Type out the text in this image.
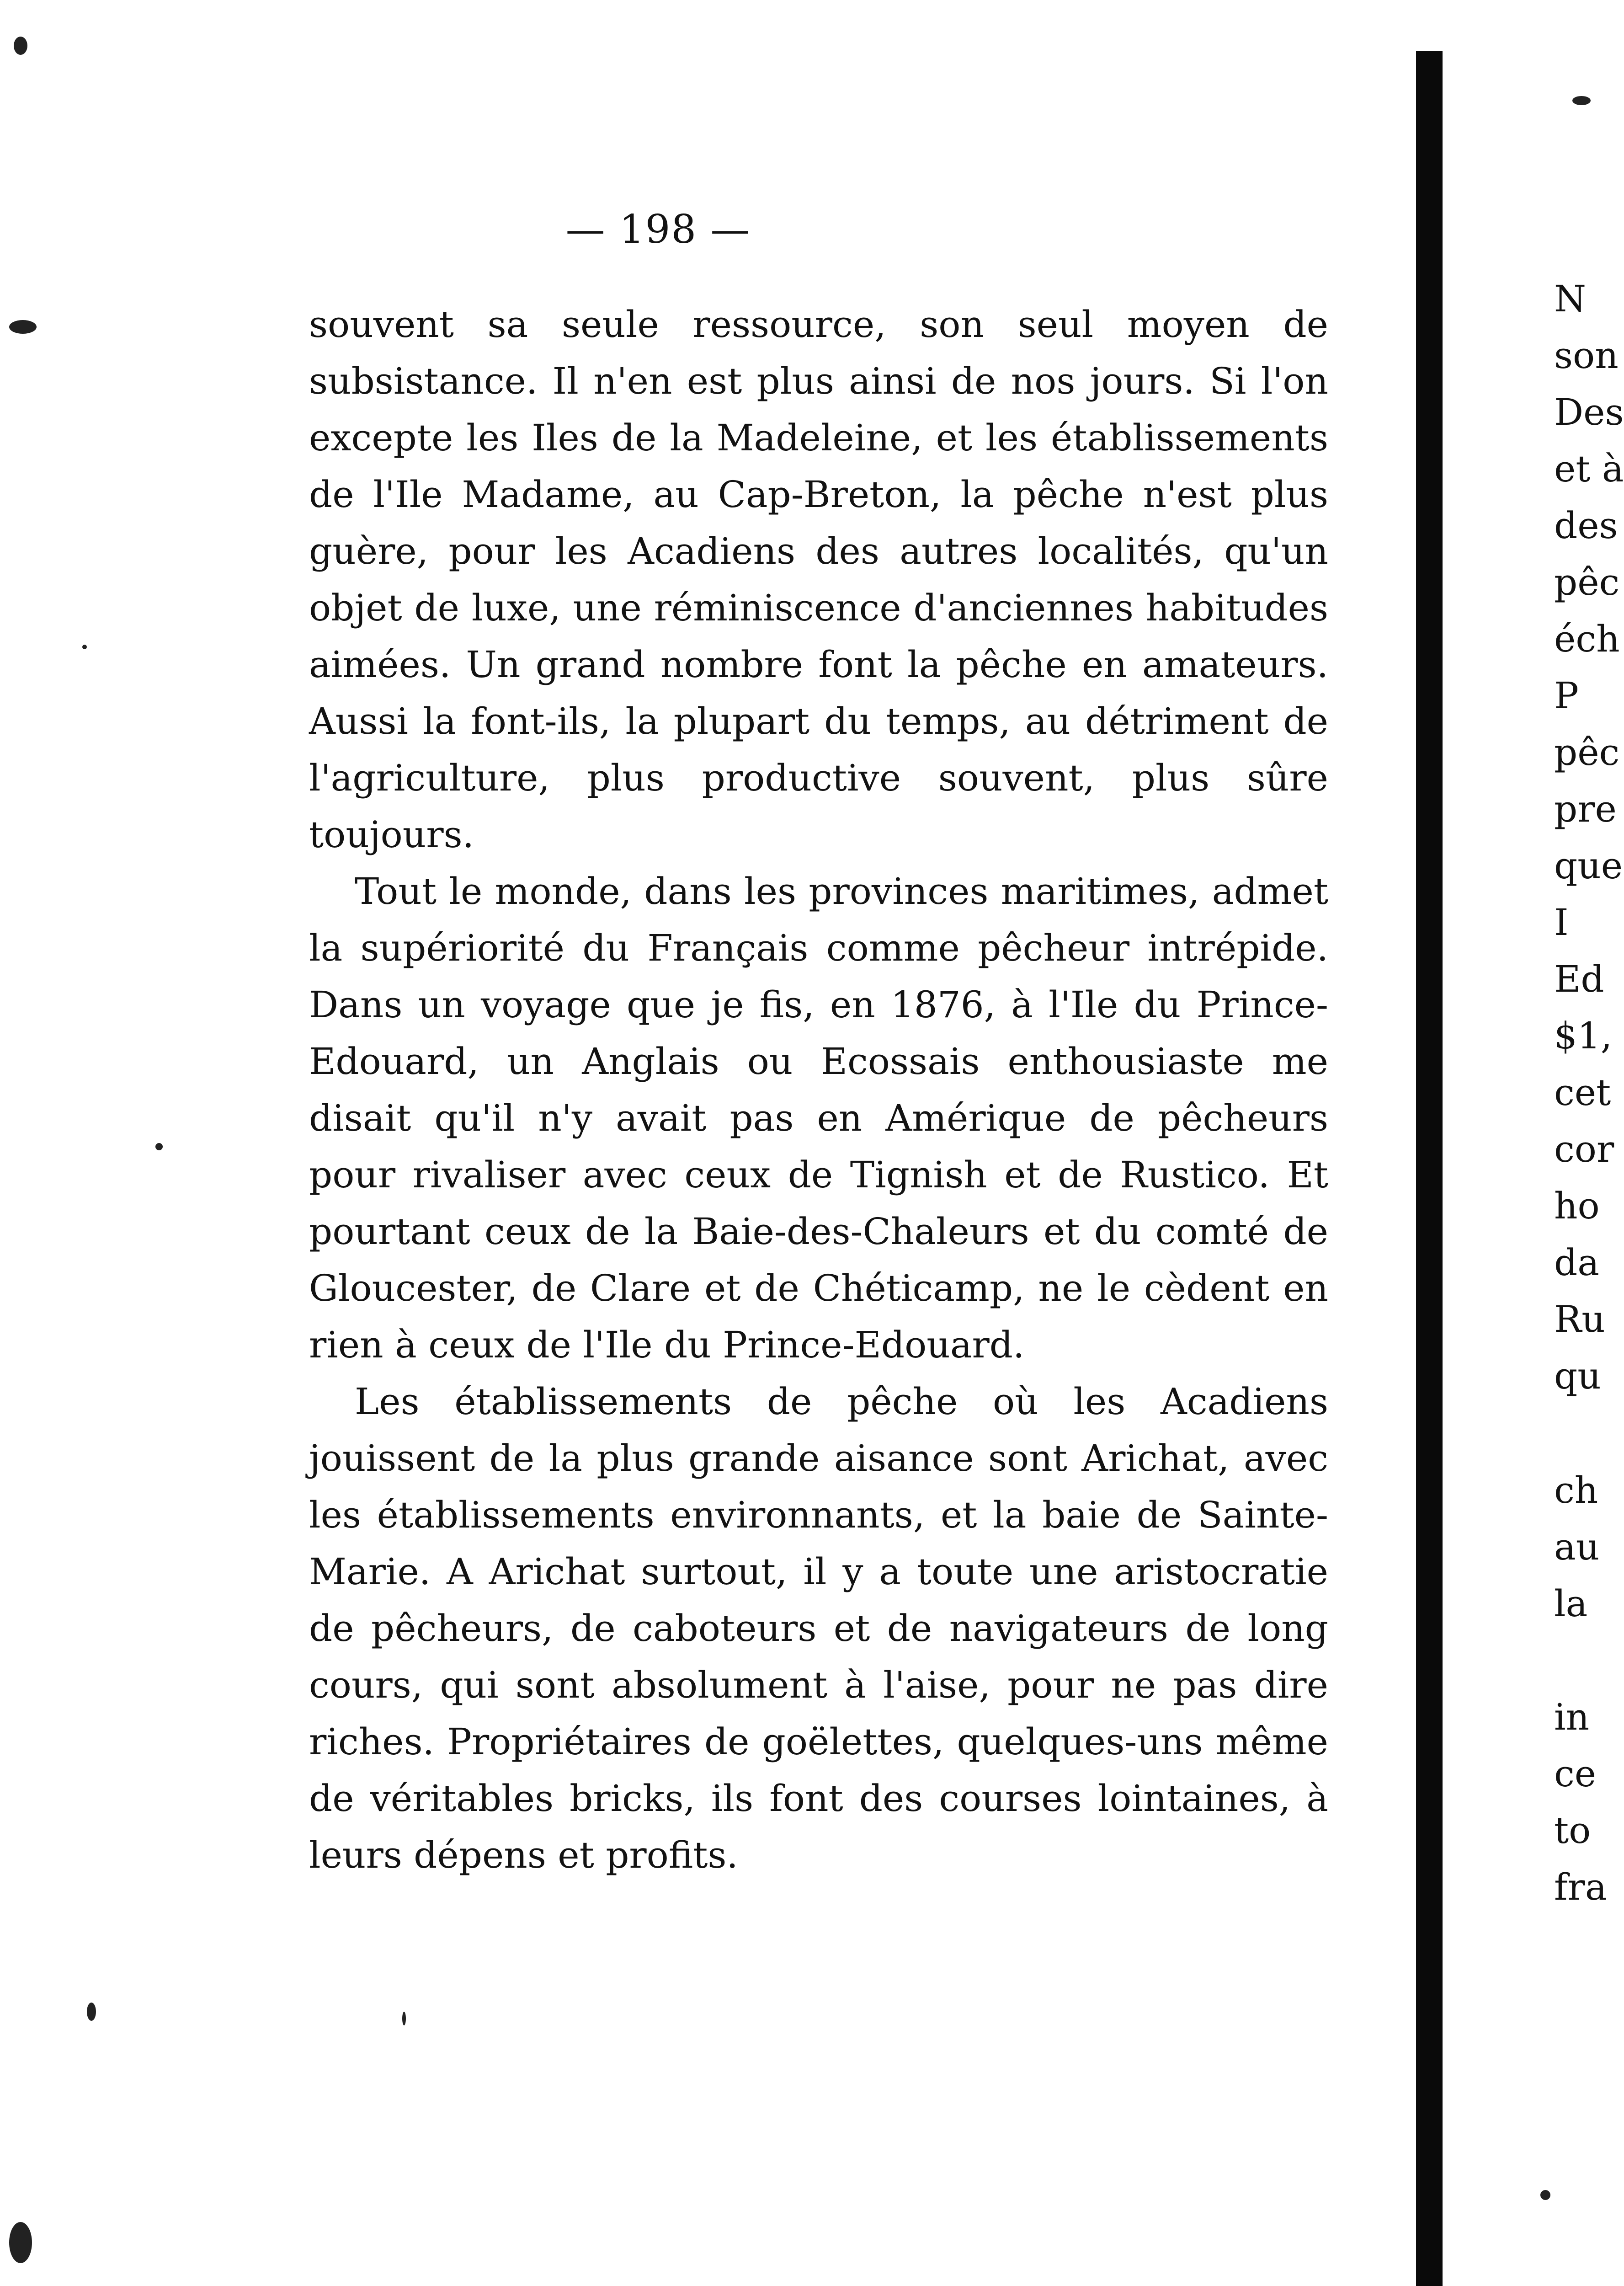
— 198 —

souvent sa seule ressource, son seul moyen de subsistance. Il n'en est plus ainsi de nos jours. Si l'on excepte les Iles de la Madeleine, et les établissements de l'Ile Madame, au Cap-Breton, la pêche n'est plus guère, pour les Acadiens des autres localités, qu'un objet de luxe, une réminiscence d'anciennes habitudes aimées. Un grand nombre font la pêche en amateurs. Aussi la font-ils, la plupart du temps, au détriment de l'agriculture, plus productive souvent, plus sûre toujours.

Tout le monde, dans les provinces maritimes, admet la supériorité du Français comme pêcheur intrépide. Dans un voyage que je fis, en 1876, à l'Ile du Prince-Edouard, un Anglais ou Ecossais enthousiaste me disait qu'il n'y avait pas en Amérique de pêcheurs pour rivaliser avec ceux de Tignish et de Rustico. Et pourtant ceux de la Baie-des-Chaleurs et du comté de Gloucester, de Clare et de Chéticamp, ne le cèdent en rien à ceux de l'Ile du Prince-Edouard.

Les établissements de pêche où les Acadiens jouissent de la plus grande aisance sont Arichat, avec les établissements environnants, et la baie de Sainte-Marie. A Arichat surtout, il y a toute une aristocratie de pêcheurs, de caboteurs et de navigateurs de long cours, qui sont absolument à l'aise, pour ne pas dire riches. Propriétaires de goëlettes, quelques-uns même de véritables bricks, ils font des courses lointaines, à leurs dépens et profits.

N
son
Des
et à
des
pêc
éch
P
pêc
pre
que
I
Ed
$1,
cet
cor
ho
da
Ru
qu
ch
au
la
in
ce
to
fra
